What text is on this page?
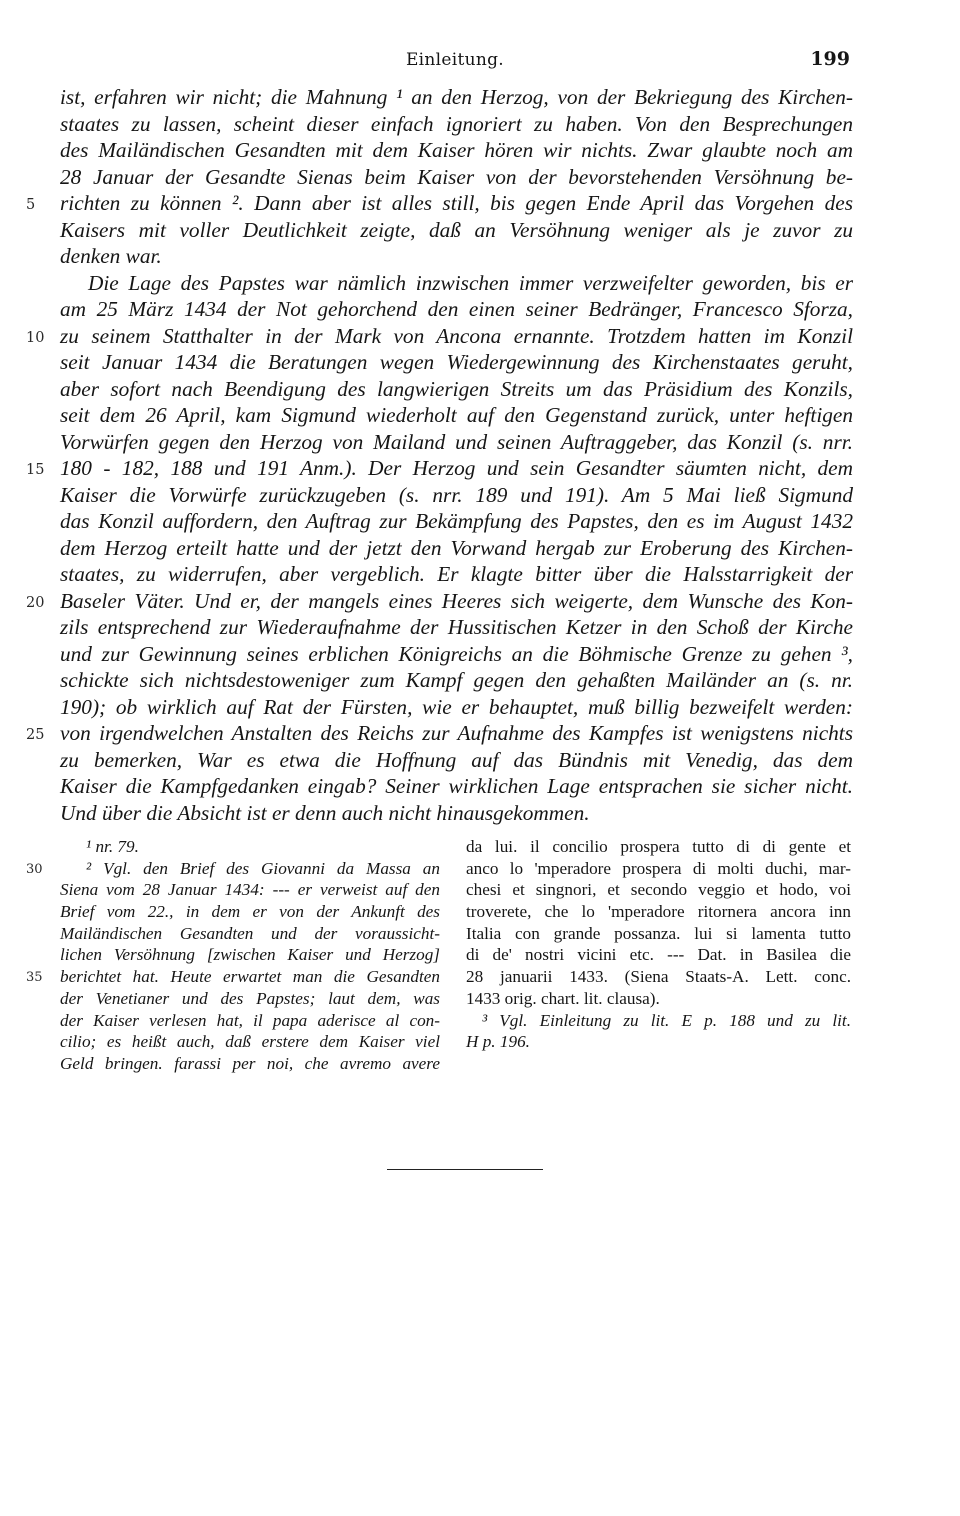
Einleitung.	199
ist, erfahren wir nicht; die Mahnung ¹ an den Herzog, von der Bekriegung des Kirchen-
staates zu lassen, scheint dieser einfach ignoriert zu haben. Von den Besprechungen
des Mailändischen Gesandten mit dem Kaiser hören wir nichts. Zwar glaubte noch am
28 Januar der Gesandte Sienas beim Kaiser von der bevorstehenden Versöhnung be-
5	richten zu können ². Dann aber ist alles still, bis gegen Ende April das Vorgehen des
Kaisers mit voller Deutlichkeit zeigte, daß an Versöhnung weniger als je zuvor zu
denken war.
Die Lage des Papstes war nämlich inzwischen immer verzweifelter geworden, bis er
am 25 März 1434 der Not gehorchend den einen seiner Bedränger, Francesco Sforza,
10 zu seinem Statthalter in der Mark von Ancona ernannte. Trotzdem hatten im Konzil
seit Januar 1434 die Beratungen wegen Wiedergewinnung des Kirchenstaates geruht,
aber sofort nach Beendigung des langwierigen Streits um das Präsidium des Konzils,
seit dem 26 April, kam Sigmund wiederholt auf den Gegenstand zurück, unter heftigen
Vorwürfen gegen den Herzog von Mailand und seinen Auftraggeber, das Konzil (s. nrr.
15 180 - 182, 188 und 191 Anm.). Der Herzog und sein Gesandter säumten nicht, dem
Kaiser die Vorwürfe zurückzugeben (s. nrr. 189 und 191). Am 5 Mai ließ Sigmund
das Konzil auffordern, den Auftrag zur Bekämpfung des Papstes, den es im August 1432
dem Herzog erteilt hatte und der jetzt den Vorwand hergab zur Eroberung des Kirchen-
staates, zu widerrufen, aber vergeblich. Er klagte bitter über die Halsstarrigkeit der
20 Baseler Väter. Und er, der mangels eines Heeres sich weigerte, dem Wunsche des Kon-
zils entsprechend zur Wiederaufnahme der Hussitischen Ketzer in den Schoß der Kirche
und zur Gewinnung seines erblichen Königreichs an die Böhmische Grenze zu gehen ³,
schickte sich nichtsdestoweniger zum Kampf gegen den gehaßten Mailänder an (s. nr.
190); ob wirklich auf Rat der Fürsten, wie er behauptet, muß billig bezweifelt werden:
25 von irgendwelchen Anstalten des Reichs zur Aufnahme des Kampfes ist wenigstens nichts
zu bemerken, War es etwa die Hoffnung auf das Bündnis mit Venedig, das dem
Kaiser die Kampfgedanken eingab? Seiner wirklichen Lage entsprachen sie sicher nicht.
Und über die Absicht ist er denn auch nicht hinausgekommen.
¹ nr. 79.
30	² Vgl. den Brief des Giovanni da Massa an
Siena vom 28 Januar 1434: --- er verweist auf den
Brief vom 22., in dem er von der Ankunft des
Mailändischen Gesandten und der voraussicht-
lichen Versöhnung [zwischen Kaiser und Herzog]
35	berichtet hat. Heute erwartet man die Gesandten
der Venetianer und des Papstes; laut dem, was
der Kaiser verlesen hat, il papa aderisce al con-
cilio; es heißt auch, daß erstere dem Kaiser viel
Geld bringen. farassi per noi, che avremo avere
da lui. il concilio prospera tutto di di gente et
anco lo 'mperadore prospera di molti duchi, mar-
chesi et singnori, et secondo veggio et hodo, voi
troverete, che lo 'mperadore ritornera ancora inn
Italia con grande possanza. lui si lamenta tutto
di de' nostri vicini etc. --- Dat. in Basilea die
28 januarii 1433. (Siena Staats-A. Lett. conc.
1433 orig. chart. lit. clausa).
³ Vgl. Einleitung zu lit. E p. 188 und zu lit.
H p. 196.
